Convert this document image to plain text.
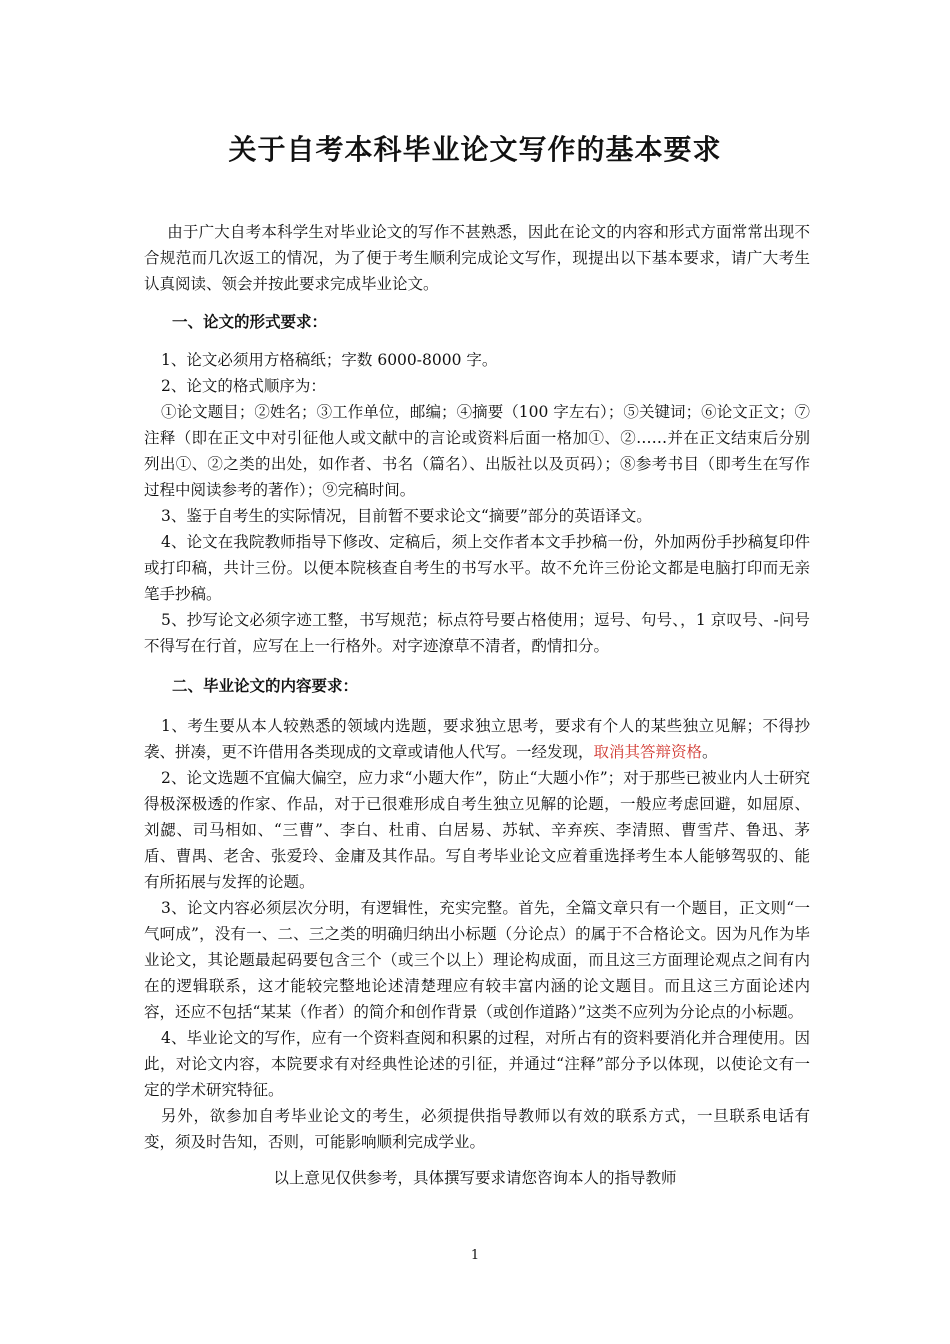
关于自考本科毕业论文写作的基本要求

由于广大自考本科学生对毕业论文的写作不甚熟悉，因此在论文的内容和形式方面常常出现不合规范而几次返工的情况，为了便于考生顺利完成论文写作，现提出以下基本要求，请广大考生认真阅读、领会并按此要求完成毕业论文。

一、论文的形式要求：

1、论文必须用方格稿纸；字数 6000-8000 字。

2、论文的格式顺序为：

①论文题目；②姓名；③工作单位，邮编；④摘要（100 字左右）；⑤关键词；⑥论文正文；⑦注释（即在正文中对引征他人或文献中的言论或资料后面一格加①、②……并在正文结束后分别列出①、②之类的出处，如作者、书名（篇名）、出版社以及页码）；⑧参考书目（即考生在写作过程中阅读参考的著作）；⑨完稿时间。

3、鉴于自考生的实际情况，目前暂不要求论文“摘要”部分的英语译文。

4、论文在我院教师指导下修改、定稿后，须上交作者本文手抄稿一份，外加两份手抄稿复印件或打印稿，共计三份。以便本院核查自考生的书写水平。故不允许三份论文都是电脑打印而无亲笔手抄稿。

5、抄写论文必须字迹工整，书写规范；标点符号要占格使用；逗号、句号、，1 京叹号、-问号不得写在行首，应写在上一行格外。对字迹潦草不清者，酌情扣分。

二、毕业论文的内容要求：

1、考生要从本人较熟悉的领域内选题，要求独立思考，要求有个人的某些独立见解；不得抄袭、拼凑，更不许借用各类现成的文章或请他人代写。一经发现，取消其答辩资格。

2、论文选题不宜偏大偏空，应力求“小题大作”，防止“大题小作”；对于那些已被业内人士研究得极深极透的作家、作品，对于已很难形成自考生独立见解的论题，一般应考虑回避，如屈原、刘勰、司马相如、“三曹”、李白、杜甫、白居易、苏轼、辛弃疾、李清照、曹雪芹、鲁迅、茅盾、曹禺、老舍、张爱玲、金庸及其作品。写自考毕业论文应着重选择考生本人能够驾驭的、能有所拓展与发挥的论题。

3、论文内容必须层次分明，有逻辑性，充实完整。首先，全篇文章只有一个题目，正文则“一气呵成”，没有一、二、三之类的明确归纳出小标题（分论点）的属于不合格论文。因为凡作为毕业论文，其论题最起码要包含三个（或三个以上）理论构成面，而且这三方面理论观点之间有内在的逻辑联系，这才能较完整地论述清楚理应有较丰富内涵的论文题目。而且这三方面论述内容，还应不包括“某某（作者）的简介和创作背景（或创作道路）”这类不应列为分论点的小标题。

4、毕业论文的写作，应有一个资料查阅和积累的过程，对所占有的资料要消化并合理使用。因此，对论文内容，本院要求有对经典性论述的引征，并通过“注释”部分予以体现，以使论文有一定的学术研究特征。

另外，欲参加自考毕业论文的考生，必须提供指导教师以有效的联系方式，一旦联系电话有变，须及时告知，否则，可能影响顺利完成学业。

以上意见仅供参考，具体撰写要求请您咨询本人的指导教师

1
